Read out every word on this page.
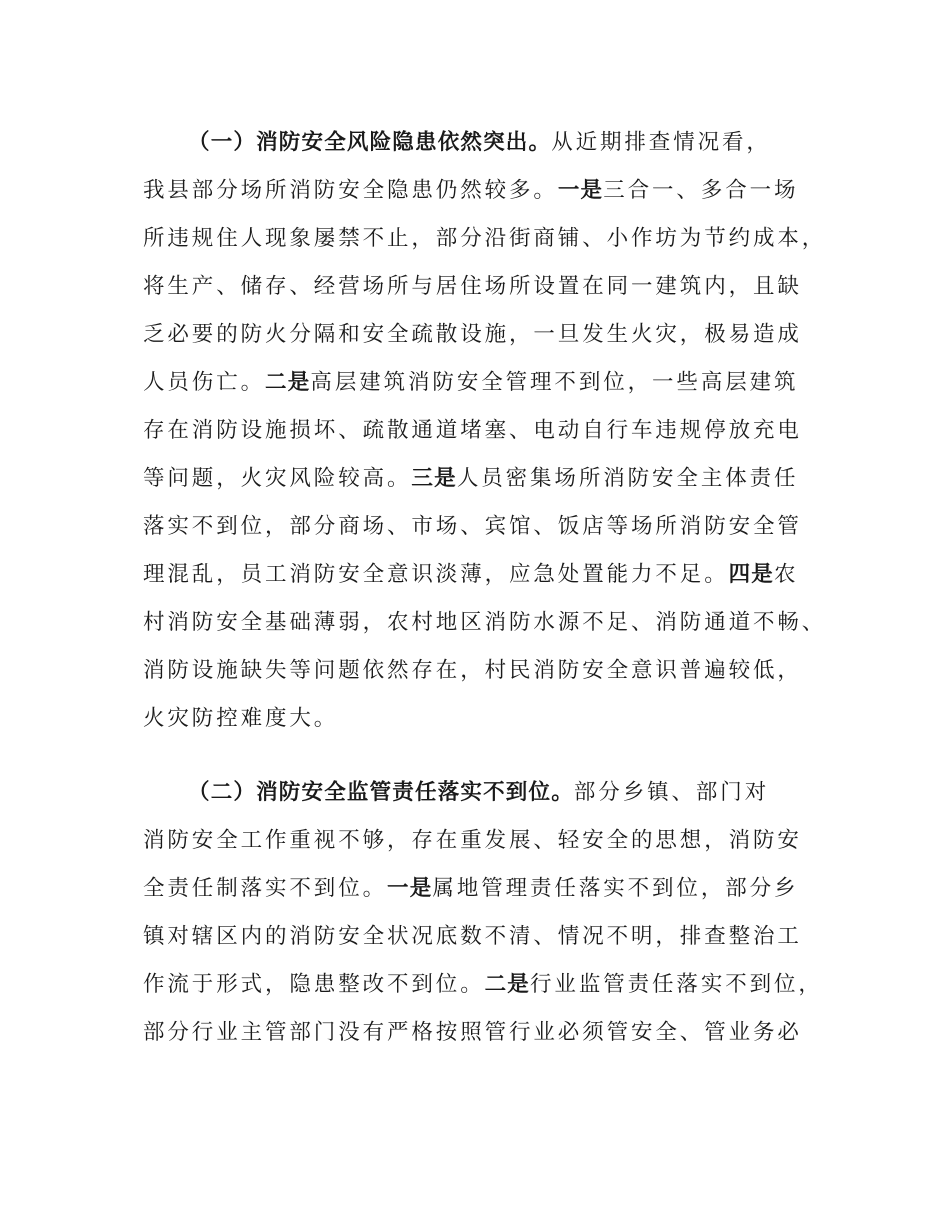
（一）消防安全风险隐患依然突出。从近期排查情况看，
我县部分场所消防安全隐患仍然较多。一是三合一、多合一场
所违规住人现象屡禁不止，部分沿街商铺、小作坊为节约成本，
将生产、储存、经营场所与居住场所设置在同一建筑内，且缺
乏必要的防火分隔和安全疏散设施，一旦发生火灾，极易造成
人员伤亡。二是高层建筑消防安全管理不到位，一些高层建筑
存在消防设施损坏、疏散通道堵塞、电动自行车违规停放充电
等问题，火灾风险较高。三是人员密集场所消防安全主体责任
落实不到位，部分商场、市场、宾馆、饭店等场所消防安全管
理混乱，员工消防安全意识淡薄，应急处置能力不足。四是农
村消防安全基础薄弱，农村地区消防水源不足、消防通道不畅、
消防设施缺失等问题依然存在，村民消防安全意识普遍较低，
火灾防控难度大。
（二）消防安全监管责任落实不到位。部分乡镇、部门对
消防安全工作重视不够，存在重发展、轻安全的思想，消防安
全责任制落实不到位。一是属地管理责任落实不到位，部分乡
镇对辖区内的消防安全状况底数不清、情况不明，排查整治工
作流于形式，隐患整改不到位。二是行业监管责任落实不到位，
部分行业主管部门没有严格按照管行业必须管安全、管业务必
